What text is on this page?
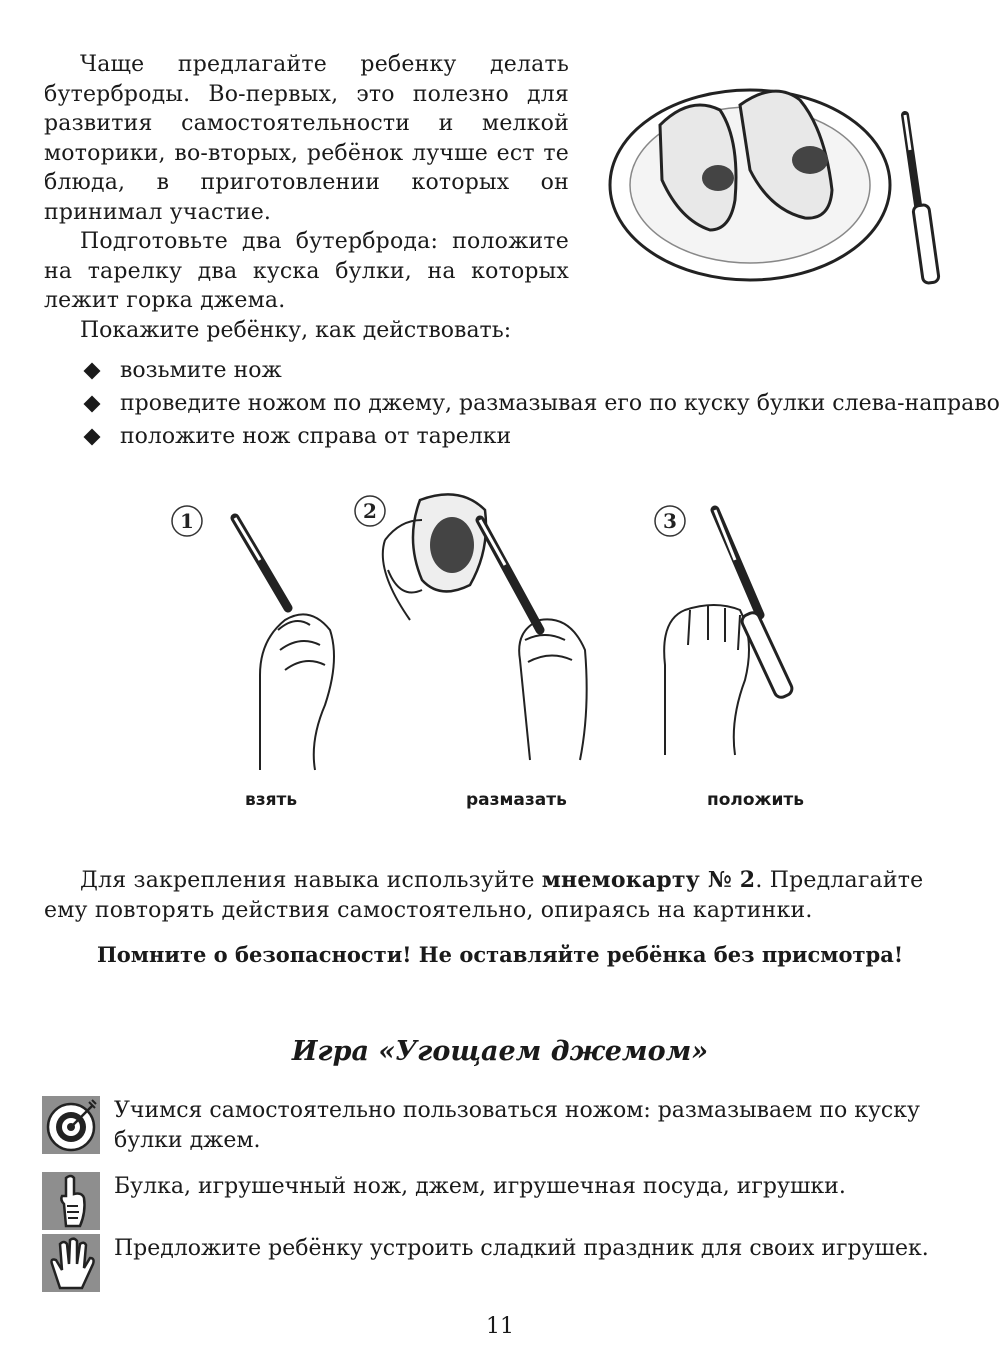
Чаще предлагайте ребенку делать бутерброды. Во-первых, это полезно для развития самостоятельности и мелкой моторики, во-вторых, ребёнок лучше ест те блюда, в приготовлении которых он принимал участие.

Подготовьте два бутерброда: положите на тарелку два куска булки, на которых лежит горка джема.

Покажите ребёнку, как действовать:
возьмите нож
проведите ножом по джему, размазывая его по куску булки слева-направо
положите нож справа от тарелки
1	2	3
взять	размазать	положить

Для закрепления навыка используйте мнемокарту № 2. Предлагайте ему повторять действия самостоятельно, опираясь на картинки.

Помните о безопасности! Не оставляйте ребёнка без присмотра!
Игра «Угощаем джемом»
Учимся самостоятельно пользоваться ножом: размазываем по куску булки джем.
Булка, игрушечный нож, джем, игрушечная посуда, игрушки.
Предложите ребёнку устроить сладкий праздник для своих игрушек.
11
